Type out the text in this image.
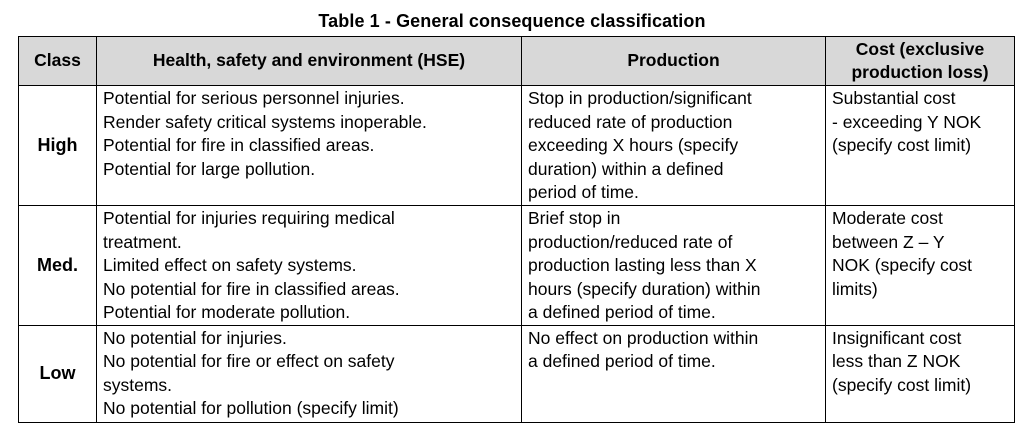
Table 1 - General consequence classification
Class	Health, safety and environment (HSE)	Production	Cost (exclusive
production loss)

High	Potential for serious personnel injuries.
Render safety critical systems inoperable.
Potential for fire in classified areas.
Potential for large pollution.	Stop in production/significant
reduced rate of production
exceeding X hours (specify
duration) within a defined
period of time.	Substantial cost
- exceeding Y NOK
(specify cost limit)

Med.	Potential for injuries requiring medical
treatment.
Limited effect on safety systems.
No potential for fire in classified areas.
Potential for moderate pollution.	Brief stop in
production/reduced rate of
production lasting less than X
hours (specify duration) within
a defined period of time.	Moderate cost
between Z – Y
NOK (specify cost
limits)

Low	No potential for injuries.
No potential for fire or effect on safety
systems.
No potential for pollution (specify limit)	No effect on production within
a defined period of time.	Insignificant cost
less than Z NOK
(specify cost limit)
